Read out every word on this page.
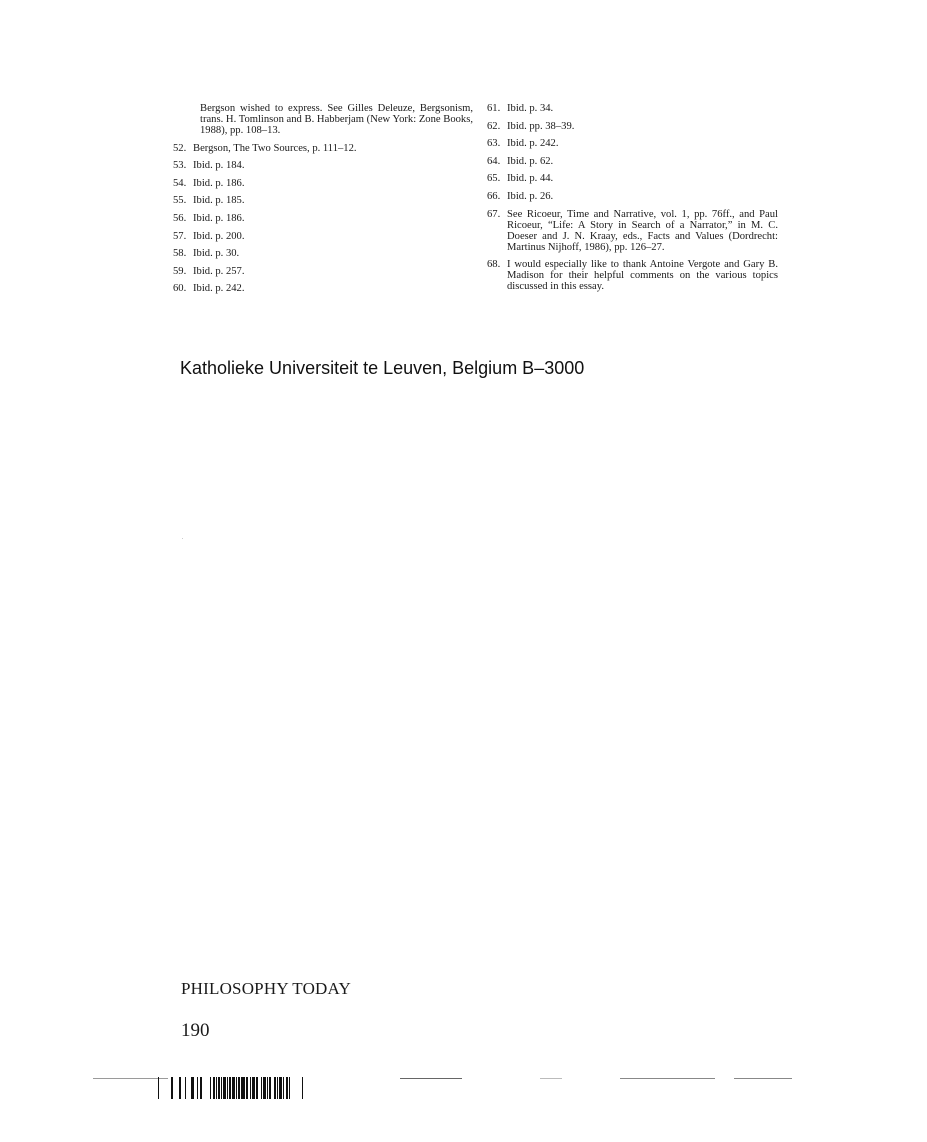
Bergson wished to express. See Gilles Deleuze, Bergsonism, trans. H. Tomlinson and B. Habberjam (New York: Zone Books, 1988), pp. 108–13.
52. Bergson, The Two Sources, p. 111–12.
53. Ibid. p. 184.
54. Ibid. p. 186.
55. Ibid. p. 185.
56. Ibid. p. 186.
57. Ibid. p. 200.
58. Ibid. p. 30.
59. Ibid. p. 257.
60. Ibid. p. 242.
61. Ibid. p. 34.
62. Ibid. pp. 38–39.
63. Ibid. p. 242.
64. Ibid. p. 62.
65. Ibid. p. 44.
66. Ibid. p. 26.
67. See Ricoeur, Time and Narrative, vol. 1, pp. 76ff., and Paul Ricoeur, “Life: A Story in Search of a Narrator,” in M. C. Doeser and J. N. Kraay, eds., Facts and Values (Dordrecht: Martinus Nijhoff, 1986), pp. 126–27.
68. I would especially like to thank Antoine Vergote and Gary B. Madison for their helpful comments on the various topics discussed in this essay.
Katholieke Universiteit te Leuven, Belgium B–3000
PHILOSOPHY TODAY
190
